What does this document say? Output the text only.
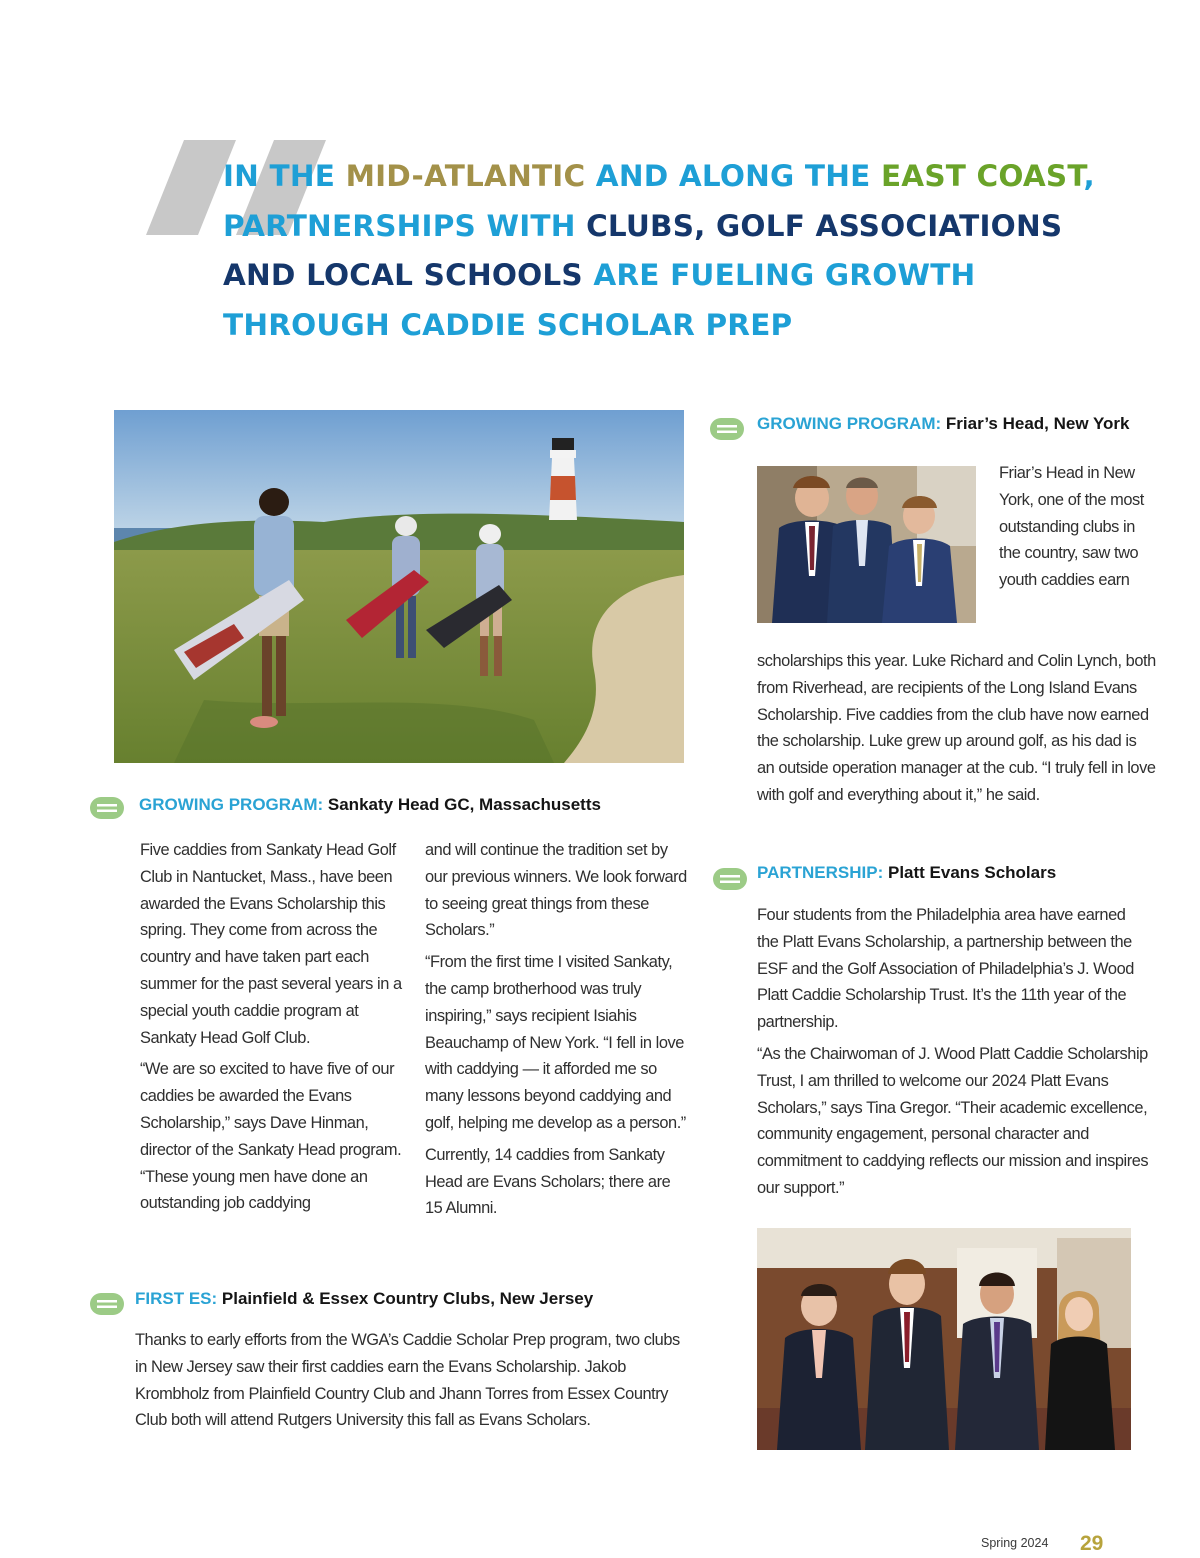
IN THE MID-ATLANTIC AND ALONG THE EAST COAST, PARTNERSHIPS WITH CLUBS, GOLF ASSOCIATIONS AND LOCAL SCHOOLS ARE FUELING GROWTH THROUGH CADDIE SCHOLAR PREP
GROWING PROGRAM: Sankaty Head GC, Massachusetts

Five caddies from Sankaty Head Golf Club in Nantucket, Mass., have been awarded the Evans Scholarship this spring. They come from across the country and have taken part each summer for the past several years in a special youth caddie program at Sankaty Head Golf Club.

“We are so excited to have five of our caddies be awarded the Evans Scholarship,” says Dave Hinman, director of the Sankaty Head program. “These young men have done an outstanding job caddying

and will continue the tradition set by our previous winners. We look forward to seeing great things from these Scholars.”

“From the first time I visited Sankaty, the camp brotherhood was truly inspiring,” says recipient Isiahis Beauchamp of New York. “I fell in love with caddying — it afforded me so many lessons beyond caddying and golf, helping me develop as a person.”

Currently, 14 caddies from Sankaty Head are Evans Scholars; there are 15 Alumni.

FIRST ES: Plainfield & Essex Country Clubs, New Jersey

Thanks to early efforts from the WGA’s Caddie Scholar Prep program, two clubs in New Jersey saw their first caddies earn the Evans Scholarship. Jakob Krombholz from Plainfield Country Club and Jhann Torres from Essex Country Club both will attend Rutgers University this fall as Evans Scholars.

GROWING PROGRAM: Friar’s Head, New York

Friar’s Head in New York, one of the most outstanding clubs in the country, saw two youth caddies earn

scholarships this year. Luke Richard and Colin Lynch, both from Riverhead, are recipients of the Long Island Evans Scholarship. Five caddies from the club have now earned the scholarship. Luke grew up around golf, as his dad is an outside operation manager at the cub. “I truly fell in love with golf and everything about it,” he said.

PARTNERSHIP: Platt Evans Scholars

Four students from the Philadelphia area have earned the Platt Evans Scholarship, a partnership between the ESF and the Golf Association of Philadelphia’s J. Wood Platt Caddie Scholarship Trust. It’s the 11th year of the partnership.

“As the Chairwoman of J. Wood Platt Caddie Scholarship Trust, I am thrilled to welcome our 2024 Platt Evans Scholars,” says Tina Gregor. “Their academic excellence, community engagement, personal character and commitment to caddying reflects our mission and inspires our support.”

Spring 2024 29
